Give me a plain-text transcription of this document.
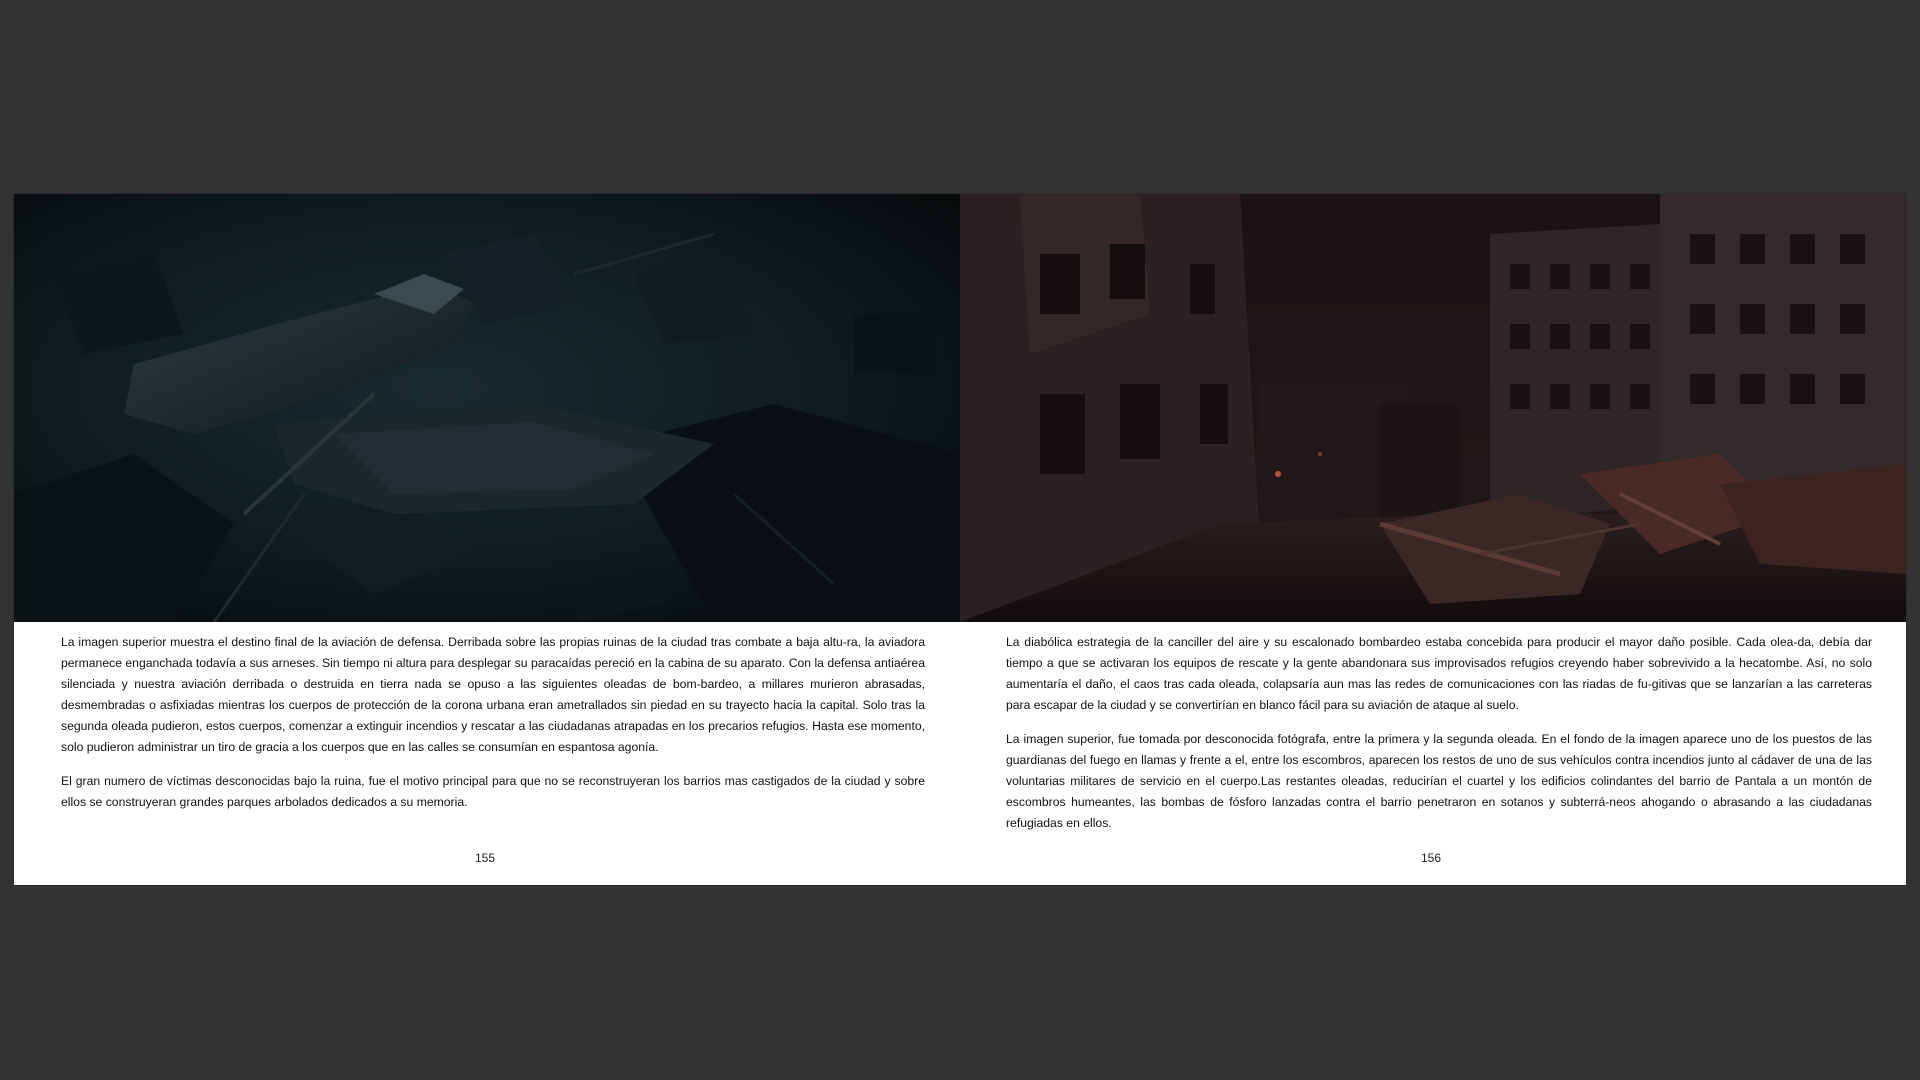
La imagen superior muestra el destino final de la aviación de defensa. Derribada sobre las propias ruinas de la ciudad tras combate a baja altu-ra, la aviadora permanece enganchada todavía a sus arneses. Sin tiempo ni altura para desplegar su paracaídas pereció en la cabina de su aparato. Con la defensa antiaérea silenciada y nuestra aviación derribada o destruida en tierra nada se opuso a las siguientes oleadas de bom-bardeo, a millares murieron abrasadas, desmembradas o asfixiadas mientras los cuerpos de protección de la corona urbana eran ametrallados sin piedad en su trayecto hacia la capital. Solo tras la segunda oleada pudieron, estos cuerpos, comenzar a extinguir incendios y rescatar a las ciudadanas atrapadas en los precarios refugios. Hasta ese momento, solo pudieron administrar un tiro de gracia a los cuerpos que en las calles se consumían en espantosa agonía.

El gran numero de víctimas desconocidas bajo la ruina, fue el motivo principal para que no se reconstruyeran los barrios mas castigados de la ciudad y sobre ellos se construyeran grandes parques arbolados dedicados a su memoria.

155

La diabólica estrategia de la canciller del aire y su escalonado bombardeo estaba concebida para producir el mayor daño posible. Cada olea-da, debía dar tiempo a que se activaran los equipos de rescate y la gente abandonara sus improvisados refugios creyendo haber sobrevivido a la hecatombe. Así, no solo aumentaría el daño, el caos tras cada oleada, colapsaría aun mas las redes de comunicaciones con las riadas de fu-gitivas que se lanzarían a las carreteras para escapar de la ciudad y se convertirían en blanco fácil para su aviación de ataque al suelo.

La imagen superior, fue tomada por desconocida fotógrafa, entre la primera y la segunda oleada. En el fondo de la imagen aparece uno de los puestos de las guardianas del fuego en llamas y frente a el, entre los escombros, aparecen los restos de uno de sus vehículos contra incendios junto al cádaver de una de las voluntarias militares de servicio en el cuerpo.Las restantes oleadas, reducirían el cuartel y los edificios colindantes del barrio de Pantala a un montón de escombros humeantes, las bombas de fósforo lanzadas contra el barrio penetraron en sotanos y subterrá-neos ahogando o abrasando a las ciudadanas refugiadas en ellos.

156
